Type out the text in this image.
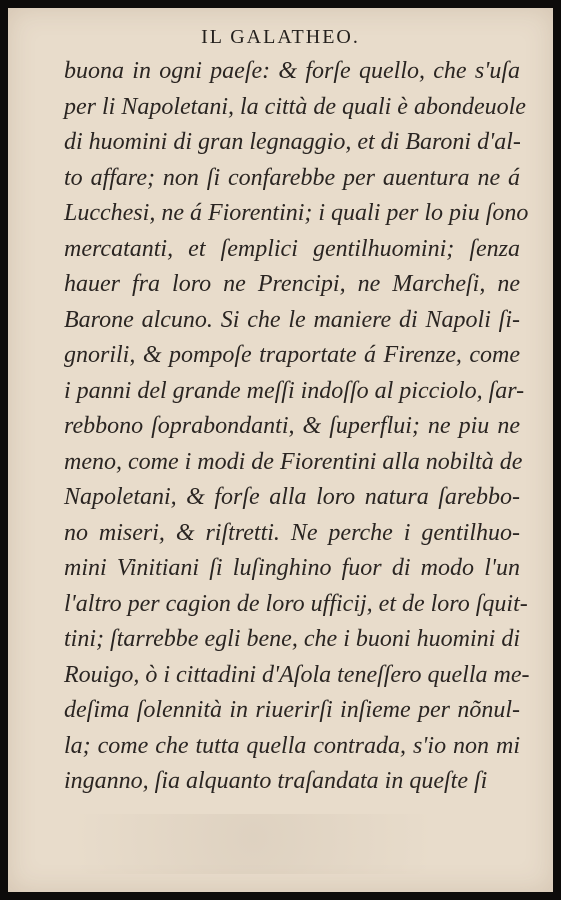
IL GALATHEO.
buona in ogni paeſe: & forſe quello, che s'uſa
per li Napoletani, la città de quali è abondeuole
di huomini di gran legnaggio, et di Baroni d'al-
to affare; non ſi confarebbe per auentura ne á
Lucchesi, ne á Fiorentini; i quali per lo piu ſono
mercatanti, et ſemplici gentilhuomini; ſenza
hauer fra loro ne Prencipi, ne Marcheſi, ne
Barone alcuno. Si che le maniere di Napoli ſi-
gnorili, & pompoſe traportate á Firenze, come
i panni del grande meſſi indoſſo al picciolo, ſar-
rebbono ſoprabondanti, & ſuperflui; ne piu ne
meno, come i modi de Fiorentini alla nobiltà de
Napoletani, & forſe alla loro natura ſarebbo-
no miseri, & riſtretti. Ne perche i gentilhuo-
mini Vinitiani ſi luſinghino fuor di modo l'un
l'altro per cagion de loro ufficij, et de loro ſquit-
tini; ſtarrebbe egli bene, che i buoni huomini di
Rouigo, ò i cittadini d'Aſola teneſſero quella me-
deſima ſolennità in riuerirſi inſieme per nõnul-
la; come che tutta quella contrada, s'io non mi
inganno, ſia alquanto traſandata in queſte ſi
